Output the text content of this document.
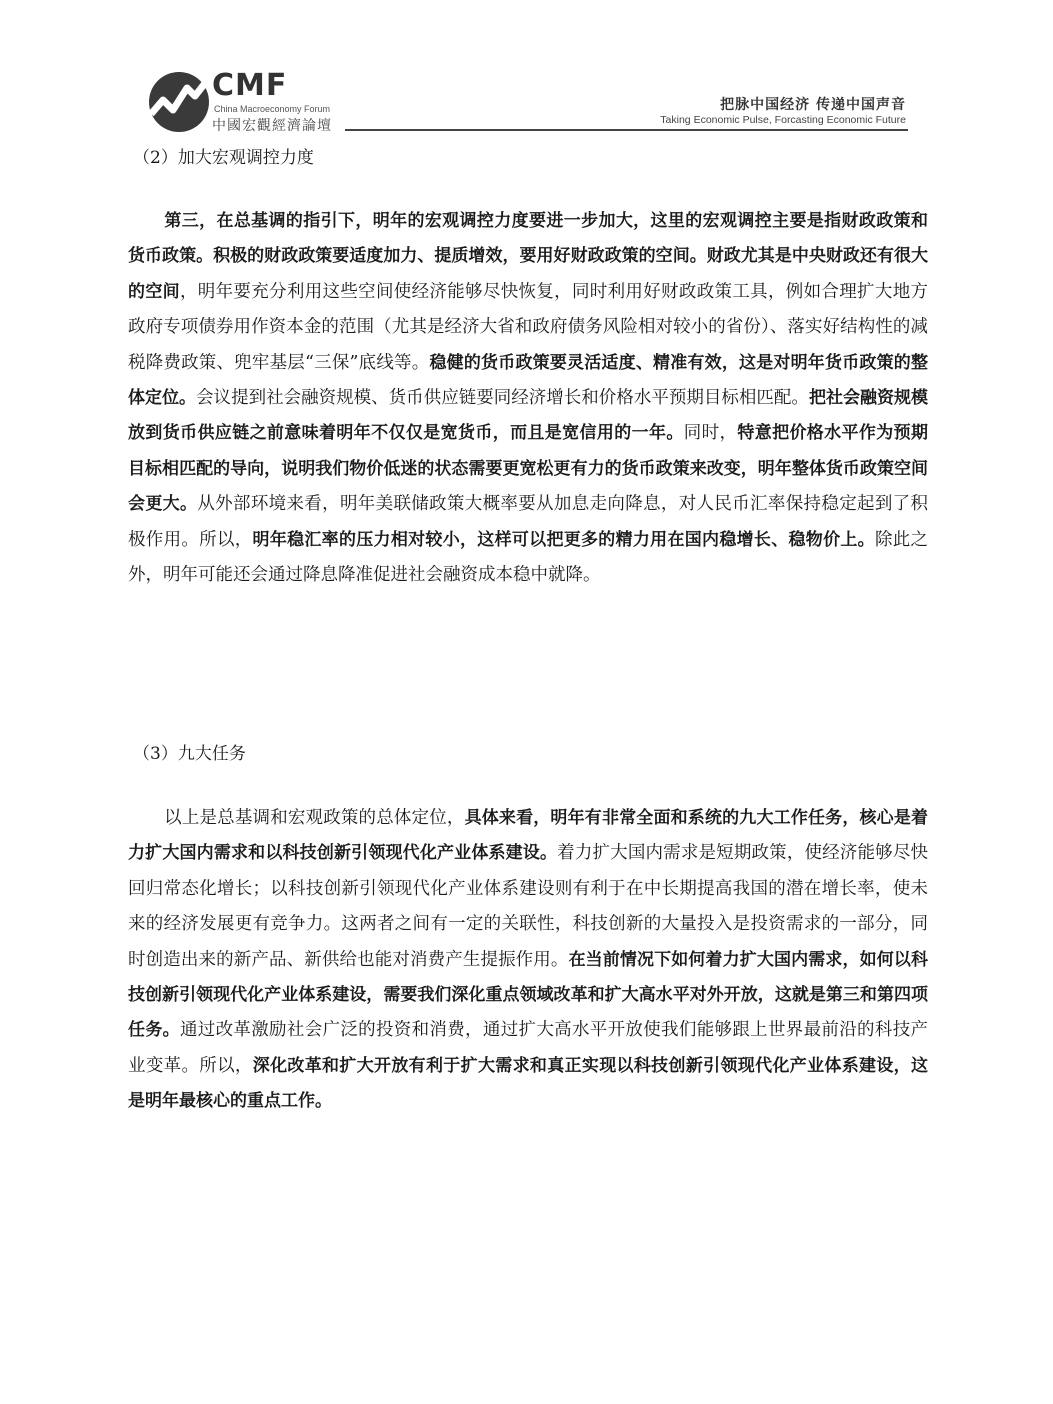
CMF
China Macroeconomy Forum
中國宏觀經濟論壇
把脉中国经济 传递中国声音
Taking Economic Pulse, Forcasting Economic Future
（2）加大宏观调控力度
第三，在总基调的指引下，明年的宏观调控力度要进一步加大，这里的宏观调控主要是指财政政策和货币政策。积极的财政政策要适度加力、提质增效，要用好财政政策的空间。财政尤其是中央财政还有很大的空间，明年要充分利用这些空间使经济能够尽快恢复，同时利用好财政政策工具，例如合理扩大地方政府专项债券用作资本金的范围（尤其是经济大省和政府债务风险相对较小的省份）、落实好结构性的减税降费政策、兜牢基层“三保”底线等。稳健的货币政策要灵活适度、精准有效，这是对明年货币政策的整体定位。会议提到社会融资规模、货币供应链要同经济增长和价格水平预期目标相匹配。把社会融资规模放到货币供应链之前意味着明年不仅仅是宽货币，而且是宽信用的一年。同时，特意把价格水平作为预期目标相匹配的导向，说明我们物价低迷的状态需要更宽松更有力的货币政策来改变，明年整体货币政策空间会更大。从外部环境来看，明年美联储政策大概率要从加息走向降息，对人民币汇率保持稳定起到了积极作用。所以，明年稳汇率的压力相对较小，这样可以把更多的精力用在国内稳增长、稳物价上。除此之外，明年可能还会通过降息降准促进社会融资成本稳中就降。
（3）九大任务
以上是总基调和宏观政策的总体定位，具体来看，明年有非常全面和系统的九大工作任务，核心是着力扩大国内需求和以科技创新引领现代化产业体系建设。着力扩大国内需求是短期政策，使经济能够尽快回归常态化增长；以科技创新引领现代化产业体系建设则有利于在中长期提高我国的潜在增长率，使未来的经济发展更有竞争力。这两者之间有一定的关联性，科技创新的大量投入是投资需求的一部分，同时创造出来的新产品、新供给也能对消费产生提振作用。在当前情况下如何着力扩大国内需求，如何以科技创新引领现代化产业体系建设，需要我们深化重点领域改革和扩大高水平对外开放，这就是第三和第四项任务。通过改革激励社会广泛的投资和消费，通过扩大高水平开放使我们能够跟上世界最前沿的科技产业变革。所以，深化改革和扩大开放有利于扩大需求和真正实现以科技创新引领现代化产业体系建设，这是明年最核心的重点工作。
